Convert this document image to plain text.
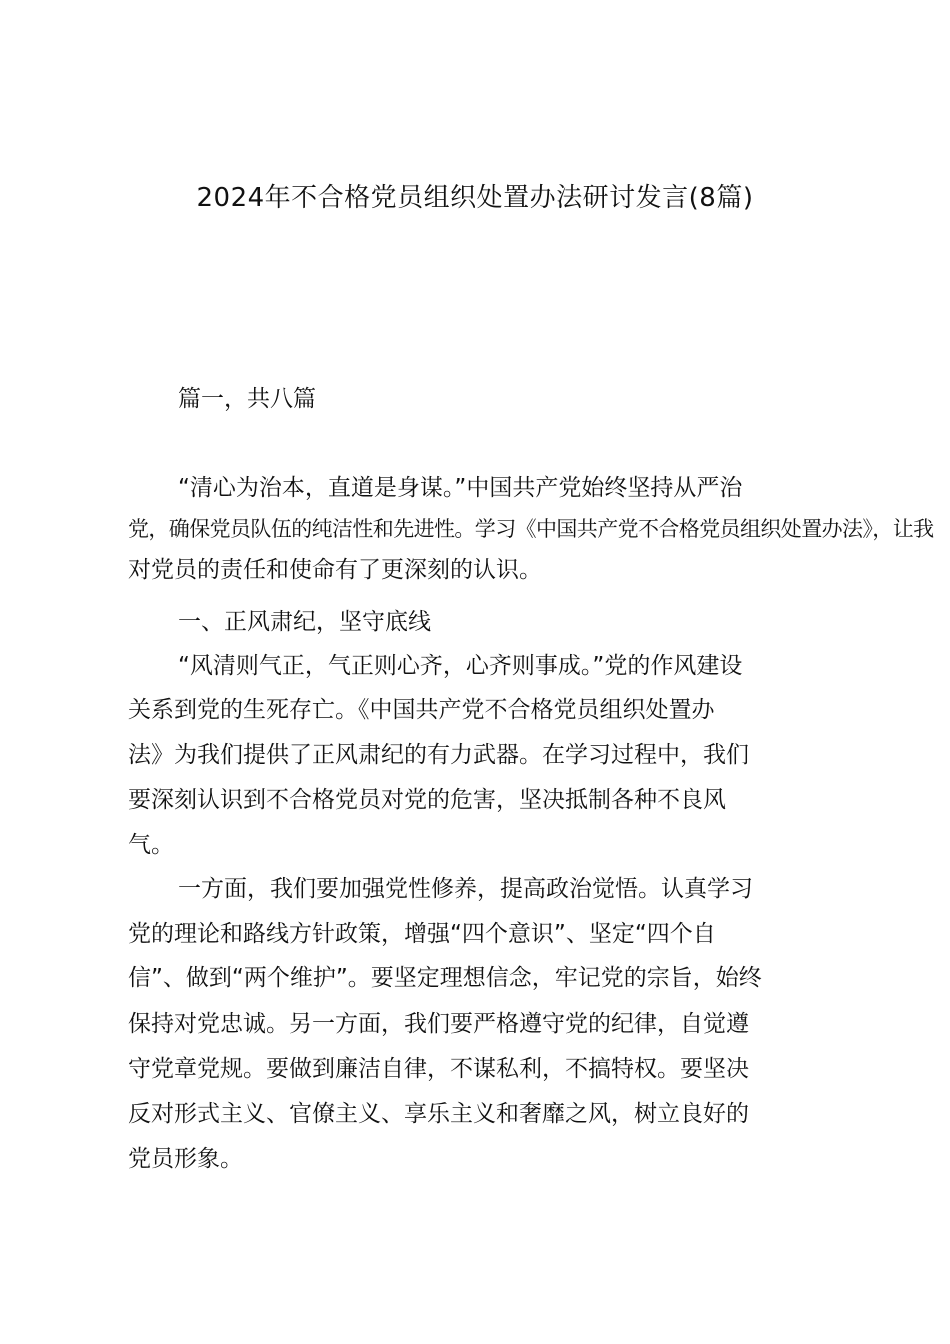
2024年不合格党员组织处置办法研讨发言(8篇)
篇一，共八篇

“清心为治本，直道是身谋。”中国共产党始终坚持从严治

党，确保党员队伍的纯洁性和先进性。学习《中国共产党不合格党员组织处置办法》，让我

对党员的责任和使命有了更深刻的认识。

一、正风肃纪，坚守底线

“风清则气正，气正则心齐，心齐则事成。”党的作风建设

关系到党的生死存亡。《中国共产党不合格党员组织处置办

法》为我们提供了正风肃纪的有力武器。在学习过程中，我们

要深刻认识到不合格党员对党的危害，坚决抵制各种不良风

气。

一方面，我们要加强党性修养，提高政治觉悟。认真学习

党的理论和路线方针政策，增强“四个意识”、坚定“四个自

信”、做到“两个维护”。要坚定理想信念，牢记党的宗旨，始终

保持对党忠诚。另一方面，我们要严格遵守党的纪律，自觉遵

守党章党规。要做到廉洁自律，不谋私利，不搞特权。要坚决

反对形式主义、官僚主义、享乐主义和奢靡之风，树立良好的

党员形象。
